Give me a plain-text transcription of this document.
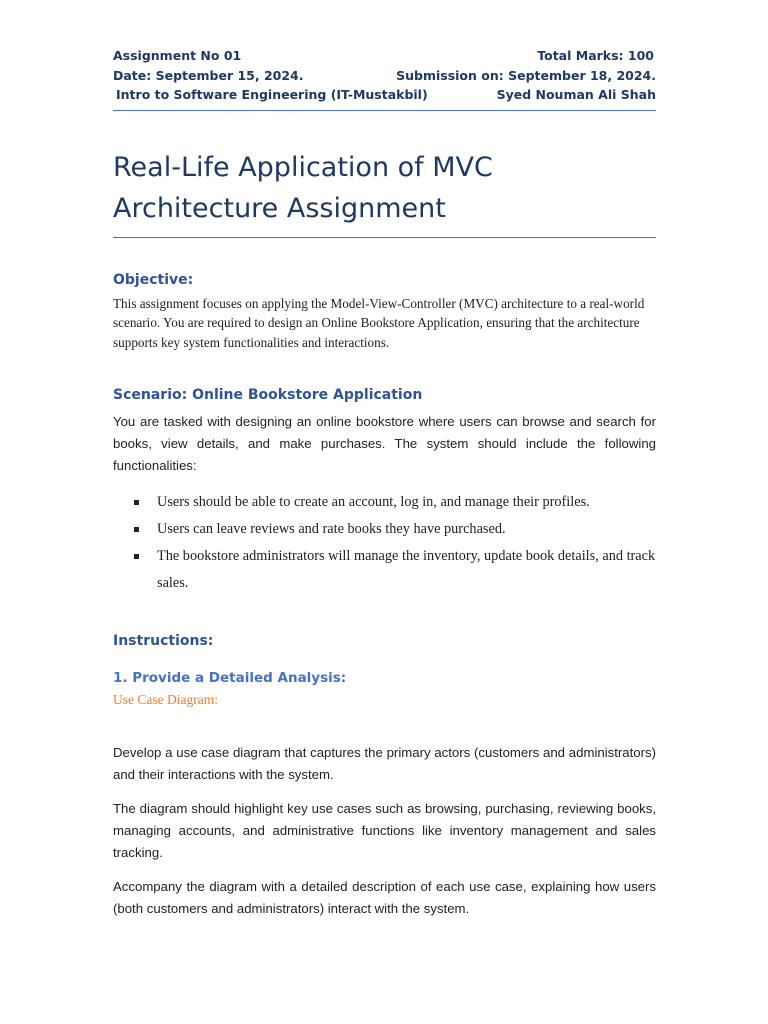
Assignment No 01	Total Marks: 100
Date: September 15, 2024.	Submission on: September 18, 2024.
Intro to Software Engineering (IT-Mustakbil)	Syed Nouman Ali Shah
Real-Life Application of MVC
Architecture Assignment
Objective:
This assignment focuses on applying the Model-View-Controller (MVC) architecture to a real-world scenario. You are required to design an Online Bookstore Application, ensuring that the architecture supports key system functionalities and interactions.
Scenario: Online Bookstore Application
You are tasked with designing an online bookstore where users can browse and search for books, view details, and make purchases. The system should include the following functionalities:
Users should be able to create an account, log in, and manage their profiles.
Users can leave reviews and rate books they have purchased.
The bookstore administrators will manage the inventory, update book details, and track sales.
Instructions:
1. Provide a Detailed Analysis:
Use Case Diagram:
Develop a use case diagram that captures the primary actors (customers and administrators) and their interactions with the system.
The diagram should highlight key use cases such as browsing, purchasing, reviewing books, managing accounts, and administrative functions like inventory management and sales tracking.
Accompany the diagram with a detailed description of each use case, explaining how users (both customers and administrators) interact with the system.
